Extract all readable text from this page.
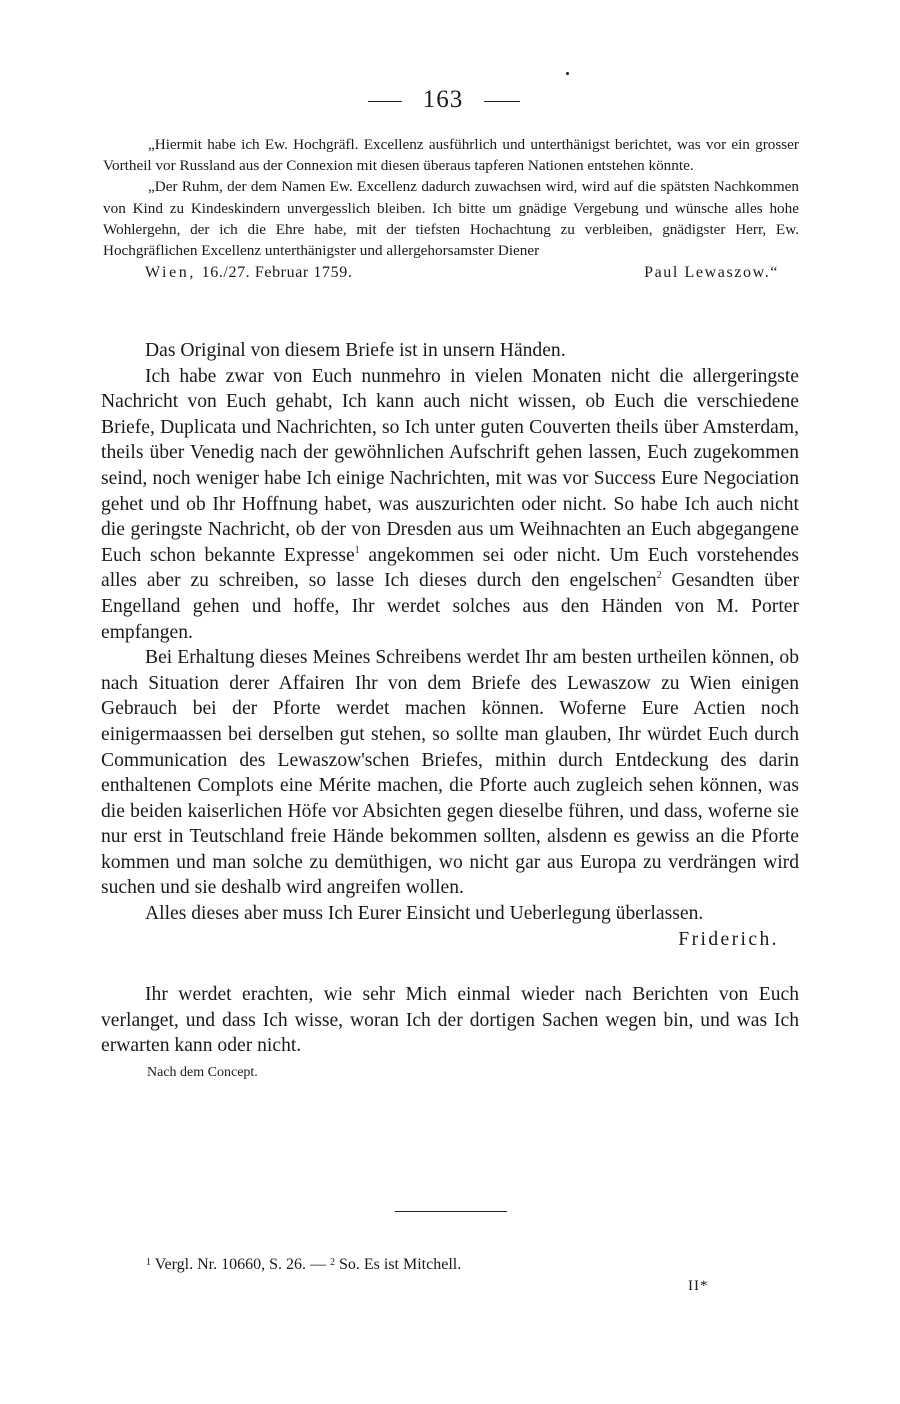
163

„Hiermit habe ich Ew. Hochgräfl. Excellenz ausführlich und unterthänigst berichtet, was vor ein grosser Vortheil vor Russland aus der Connexion mit diesen überaus tapferen Nationen entstehen könnte.

„Der Ruhm, der dem Namen Ew. Excellenz dadurch zuwachsen wird, wird auf die spätsten Nachkommen von Kind zu Kindeskindern unvergesslich bleiben. Ich bitte um gnädige Vergebung und wünsche alles hohe Wohlergehn, der ich die Ehre habe, mit der tiefsten Hochachtung zu verbleiben, gnädigster Herr, Ew. Hochgräflichen Excellenz unterthänigster und allergehorsamster Diener

Wien, 16./27. Februar 1759.	Paul Lewaszow.“

Das Original von diesem Briefe ist in unsern Händen.

Ich habe zwar von Euch nunmehro in vielen Monaten nicht die allergeringste Nachricht von Euch gehabt, Ich kann auch nicht wissen, ob Euch die verschiedene Briefe, Duplicata und Nachrichten, so Ich unter guten Couverten theils über Amsterdam, theils über Venedig nach der gewöhnlichen Aufschrift gehen lassen, Euch zugekommen seind, noch weniger habe Ich einige Nachrichten, mit was vor Success Eure Negociation gehet und ob Ihr Hoffnung habet, was auszurichten oder nicht. So habe Ich auch nicht die geringste Nachricht, ob der von Dresden aus um Weihnachten an Euch abgegangene Euch schon bekannte Expresse$^1$ angekommen sei oder nicht. Um Euch vorstehendes alles aber zu schreiben, so lasse Ich dieses durch den engelschen$^2$ Gesandten über Engelland gehen und hoffe, Ihr werdet solches aus den Händen von M. Porter empfangen.

Bei Erhaltung dieses Meines Schreibens werdet Ihr am besten urtheilen können, ob nach Situation derer Affairen Ihr von dem Briefe des Lewaszow zu Wien einigen Gebrauch bei der Pforte werdet machen können. Woferne Eure Actien noch einigermaassen bei derselben gut stehen, so sollte man glauben, Ihr würdet Euch durch Communication des Lewaszow'schen Briefes, mithin durch Entdeckung des darin enthaltenen Complots eine Mérite machen, die Pforte auch zugleich sehen können, was die beiden kaiserlichen Höfe vor Absichten gegen dieselbe führen, und dass, woferne sie nur erst in Teutschland freie Hände bekommen sollten, alsdenn es gewiss an die Pforte kommen und man solche zu demüthigen, wo nicht gar aus Europa zu verdrängen wird suchen und sie deshalb wird angreifen wollen.

Alles dieses aber muss Ich Eurer Einsicht und Ueberlegung überlassen.

Friderich.

Ihr werdet erachten, wie sehr Mich einmal wieder nach Berichten von Euch verlanget, und dass Ich wisse, woran Ich der dortigen Sachen wegen bin, und was Ich erwarten kann oder nicht.

Nach dem Concept.
$^1$ Vergl. Nr. 10660, S. 26. — $^2$ So. Es ist Mitchell.
II*
